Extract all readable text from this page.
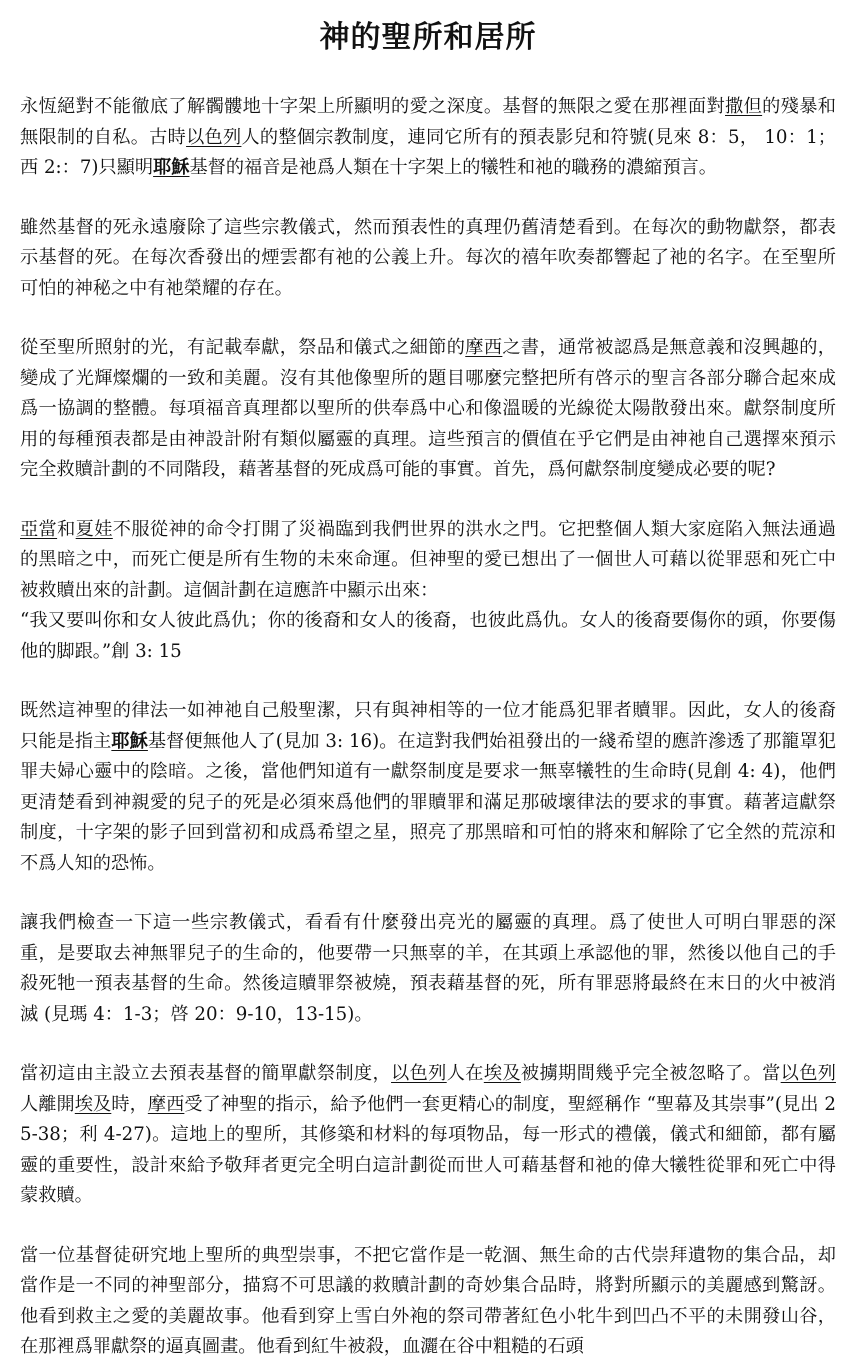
神的聖所和居所

永恆絕對不能徹底了解髑髏地十字架上所顯明的愛之深度。基督的無限之愛在那裡面對撒但的殘暴和無限制的自私。古時以色列人的整個宗教制度，連同它所有的預表影兒和符號(見來 8：5， 10：1；西 2:：7)只顯明耶穌基督的福音是祂爲人類在十字架上的犧牲和祂的職務的濃縮預言。

雖然基督的死永遠廢除了這些宗教儀式，然而預表性的真理仍舊清楚看到。在每次的動物獻祭，都表示基督的死。在每次香發出的煙雲都有祂的公義上升。每次的禧年吹奏都響起了祂的名字。在至聖所可怕的神秘之中有祂榮耀的存在。

從至聖所照射的光，有記載奉獻，祭品和儀式之細節的摩西之書，通常被認爲是無意義和沒興趣的，變成了光輝燦爛的一致和美麗。沒有其他像聖所的題目哪麼完整把所有啓示的聖言各部分聯合起來成爲一協調的整體。每項福音真理都以聖所的供奉爲中心和像溫暖的光線從太陽散發出來。獻祭制度所用的每種預表都是由神設計附有類似屬靈的真理。這些預言的價值在乎它們是由神祂自己選擇來預示完全救贖計劃的不同階段，藉著基督的死成爲可能的事實。首先，爲何獻祭制度變成必要的呢?

亞當和夏娃不服從神的命令打開了災禍臨到我們世界的洪水之門。它把整個人類大家庭陷入無法通過的黑暗之中，而死亡便是所有生物的未來命運。但神聖的愛已想出了一個世人可藉以從罪惡和死亡中被救贖出來的計劃。這個計劃在這應許中顯示出來：
“我又要叫你和女人彼此爲仇；你的後裔和女人的後裔，也彼此爲仇。女人的後裔要傷你的頭，你要傷他的脚跟。”創 3: 15

既然這神聖的律法一如神祂自己般聖潔，只有與神相等的一位才能爲犯罪者贖罪。因此，女人的後裔只能是指主耶穌基督便無他人了(見加 3: 16)。在這對我們始祖發出的一綫希望的應許滲透了那籠罩犯罪夫婦心靈中的陰暗。之後，當他們知道有一獻祭制度是要求一無辜犧牲的生命時(見創 4: 4)，他們更清楚看到神親愛的兒子的死是必須來爲他們的罪贖罪和滿足那破壞律法的要求的事實。藉著這獻祭制度，十字架的影子回到當初和成爲希望之星，照亮了那黑暗和可怕的將來和解除了它全然的荒涼和不爲人知的恐怖。

讓我們檢查一下這一些宗教儀式，看看有什麼發出亮光的屬靈的真理。爲了使世人可明白罪惡的深重，是要取去神無罪兒子的生命的，他要帶一只無辜的羊，在其頭上承認他的罪，然後以他自己的手殺死牠一預表基督的生命。然後這贖罪祭被燒，預表藉基督的死，所有罪惡將最終在末日的火中被消滅 (見瑪 4：1-3；啓 20：9-10，13-15)。

當初這由主設立去預表基督的簡單獻祭制度，以色列人在埃及被擄期間幾乎完全被忽略了。當以色列人離開埃及時，摩西受了神聖的指示，給予他們一套更精心的制度，聖經稱作 “聖幕及其崇事”(見出 25-38；利 4-27)。這地上的聖所，其修築和材料的每項物品，每一形式的禮儀，儀式和細節，都有屬靈的重要性，設計來給予敬拜者更完全明白這計劃從而世人可藉基督和祂的偉大犧牲從罪和死亡中得蒙救贖。

當一位基督徒研究地上聖所的典型崇事，不把它當作是一乾涸、無生命的古代崇拜遺物的集合品，却當作是一不同的神聖部分，描寫不可思議的救贖計劃的奇妙集合品時，將對所顯示的美麗感到驚訝。他看到救主之愛的美麗故事。他看到穿上雪白外袍的祭司帶著紅色小牝牛到凹凸不平的未開發山谷，在那裡爲罪獻祭的逼真圖畫。他看到紅牛被殺，血灑在谷中粗糙的石頭
